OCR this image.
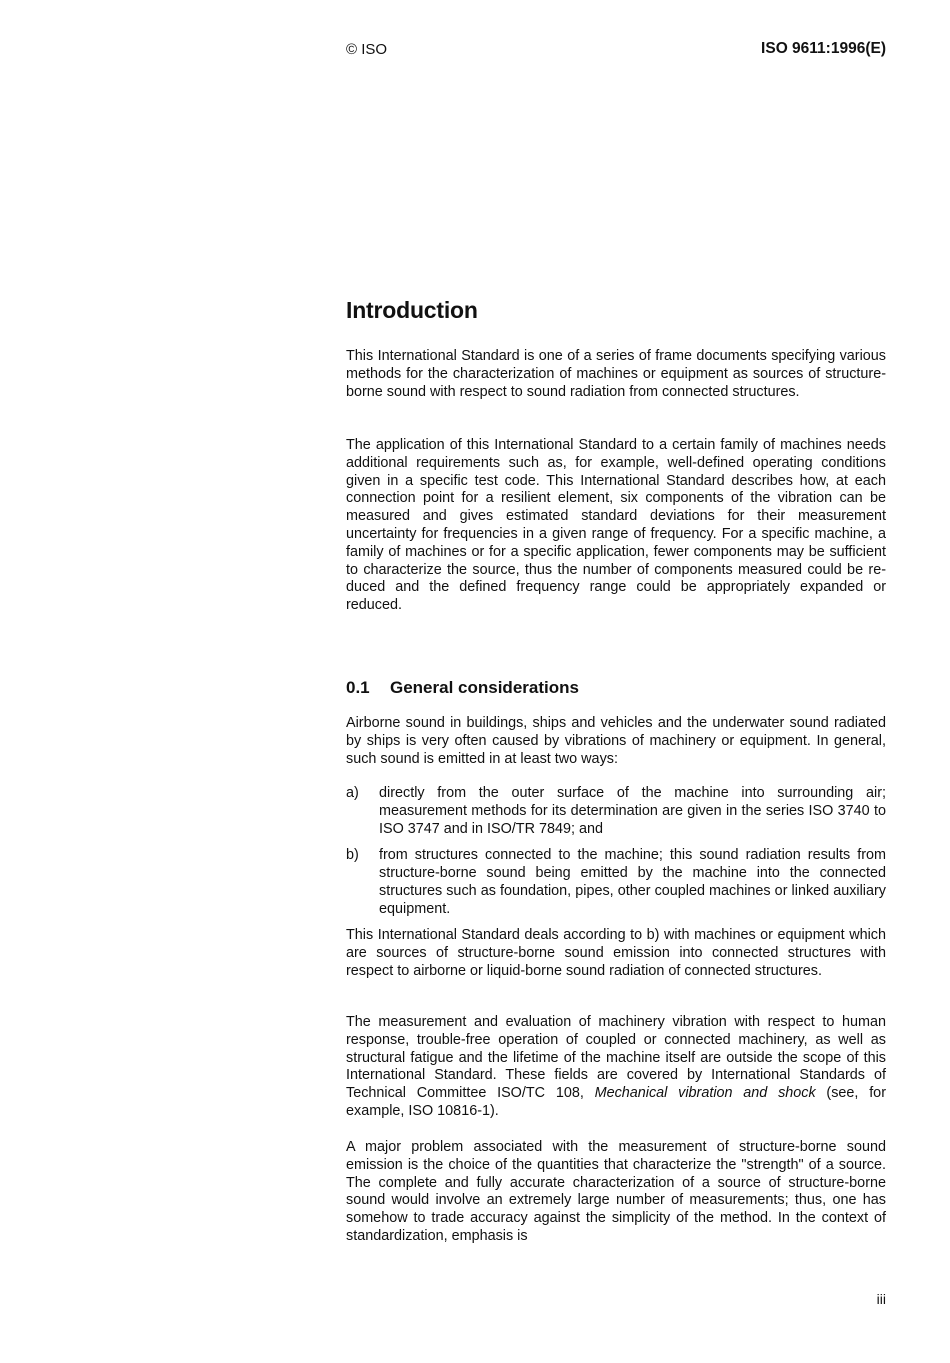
© ISO	ISO 9611:1996(E)
Introduction

This International Standard is one of a series of frame documents specifying various methods for the characterization of machines or equipment as sources of structure-borne sound with respect to sound radiation from connected structures.

The application of this International Standard to a certain family of machines needs additional requirements such as, for example, well-defined operating conditions given in a specific test code. This International Standard describes how, at each connection point for a resilient element, six components of the vibration can be measured and gives estimated standard deviations for their measurement uncertainty for frequencies in a given range of frequency. For a specific machine, a family of machines or for a specific application, fewer components may be sufficient to characterize the source, thus the number of components measured could be reduced and the defined frequency range could be appropriately expanded or reduced.

0.1 General considerations

Airborne sound in buildings, ships and vehicles and the underwater sound radiated by ships is very often caused by vibrations of machinery or equipment. In general, such sound is emitted in at least two ways:

a) directly from the outer surface of the machine into surrounding air; measurement methods for its determination are given in the series ISO 3740 to ISO 3747 and in ISO/TR 7849; and

b) from structures connected to the machine; this sound radiation results from structure-borne sound being emitted by the machine into the connected structures such as foundation, pipes, other coupled machines or linked auxiliary equipment.

This International Standard deals according to b) with machines or equipment which are sources of structure-borne sound emission into connected structures with respect to airborne or liquid-borne sound radiation of connected structures.

The measurement and evaluation of machinery vibration with respect to human response, trouble-free operation of coupled or connected machinery, as well as structural fatigue and the lifetime of the machine itself are outside the scope of this International Standard. These fields are covered by International Standards of Technical Committee ISO/TC 108, Mechanical vibration and shock (see, for example, ISO 10816-1).

A major problem associated with the measurement of structure-borne sound emission is the choice of the quantities that characterize the "strength" of a source. The complete and fully accurate characterization of a source of structure-borne sound would involve an extremely large number of measurements; thus, one has somehow to trade accuracy against the simplicity of the method. In the context of standardization, emphasis is

iii
